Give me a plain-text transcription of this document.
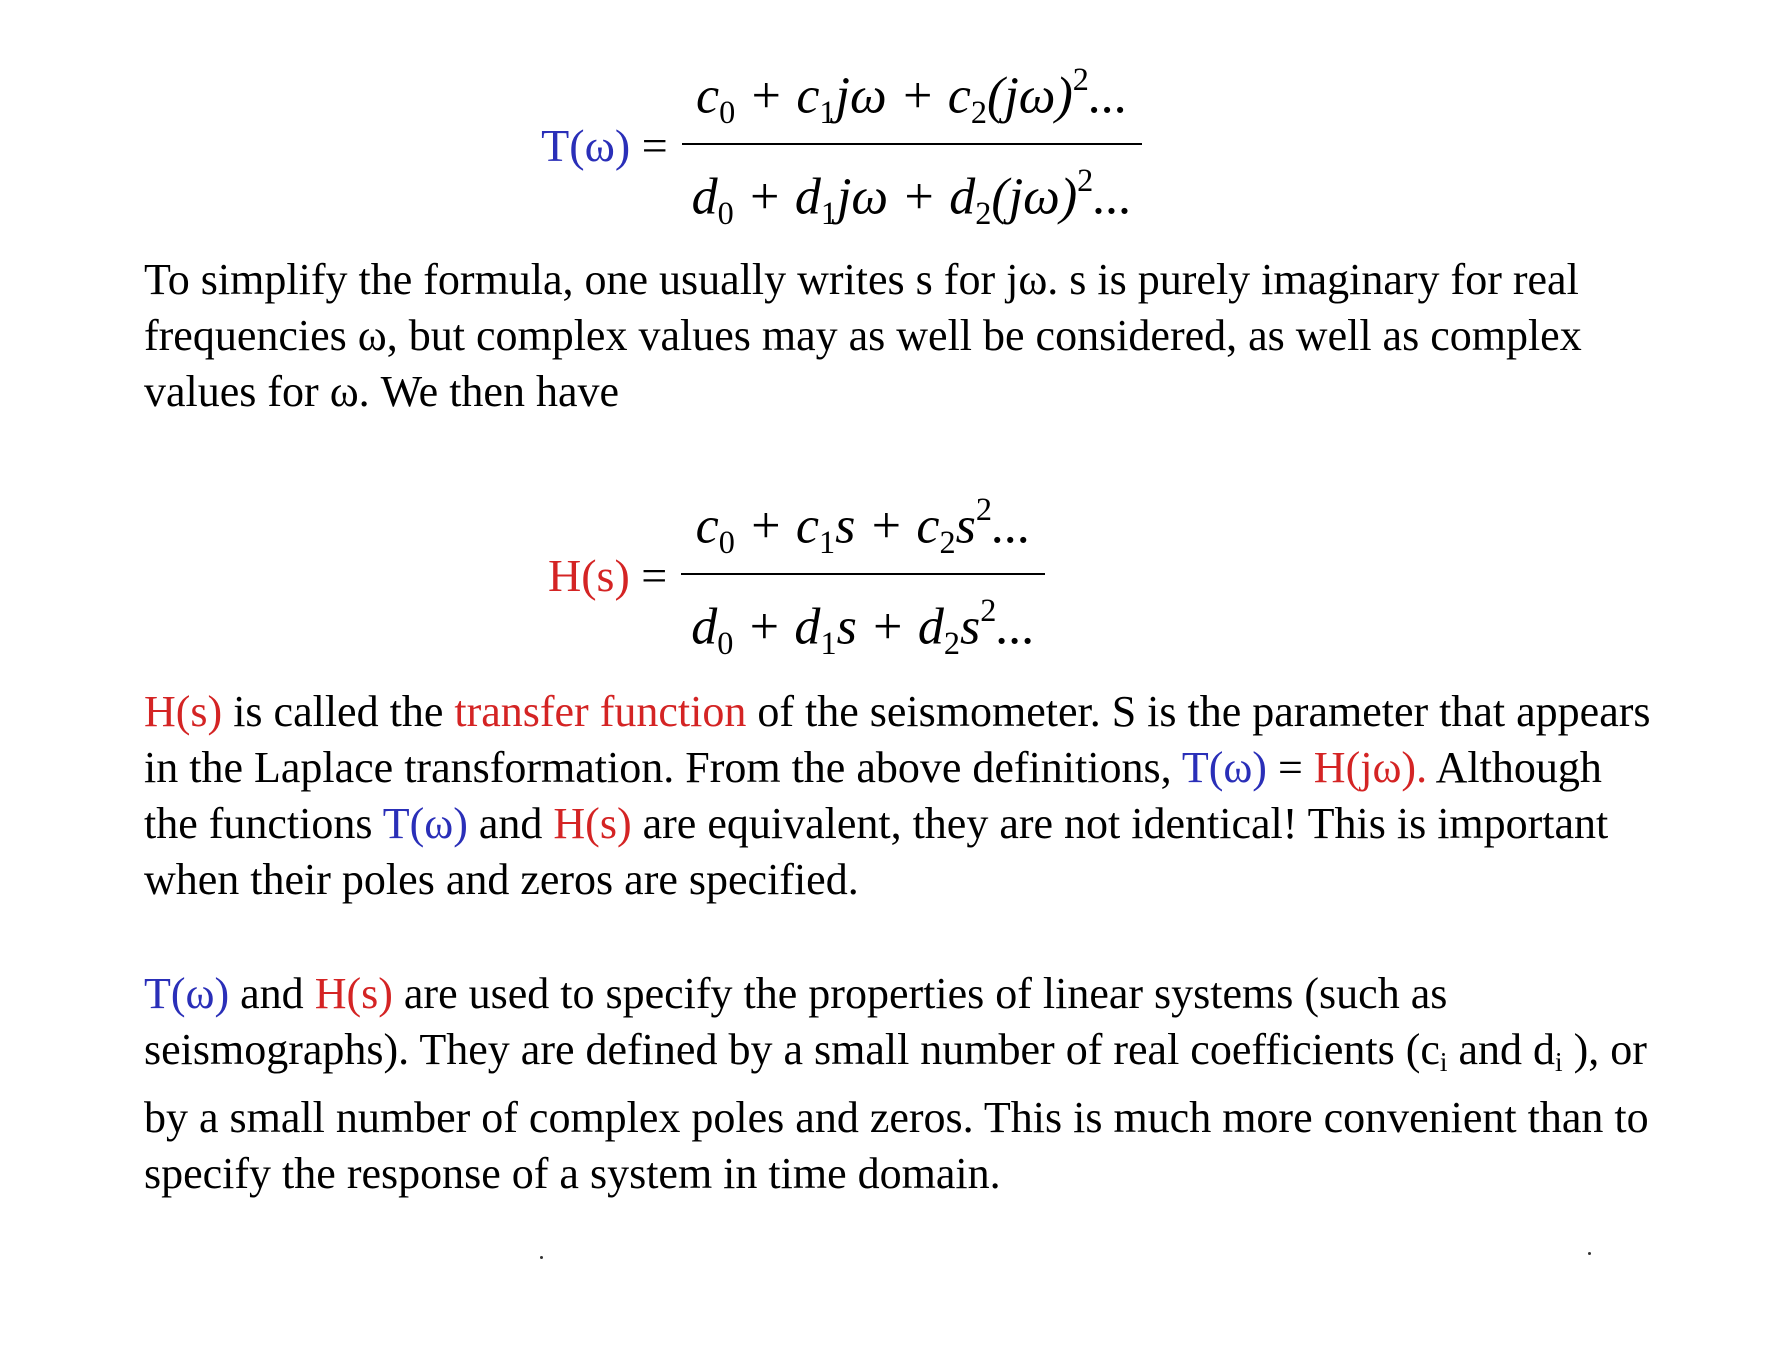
T(ω) =
$\frac{c_0 + c_1j\omega + c_2(j\omega)^2...}{d_0 + d_1j\omega + d_2(j\omega)^2...}$

To simplify the formula, one usually writes s for jω. s is purely imaginary for real frequencies ω, but complex values may as well be considered, as well as complex values for ω. We then have

H(s) =
$\frac{c_0 + c_1s + c_2s^2...}{d_0 + d_1s + d_2s^2...}$

H(s) is called the transfer function of the seismometer. S is the parameter that appears in the Laplace transformation. From the above definitions, T(ω) = H(jω). Although the functions T(ω) and H(s) are equivalent, they are not identical! This is important when their poles and zeros are specified.

T(ω) and H(s) are used to specify the properties of linear systems (such as seismographs). They are defined by a small number of real coefficients (ci and di ), or by a small number of complex poles and zeros. This is much more convenient than to specify the response of a system in time domain.
